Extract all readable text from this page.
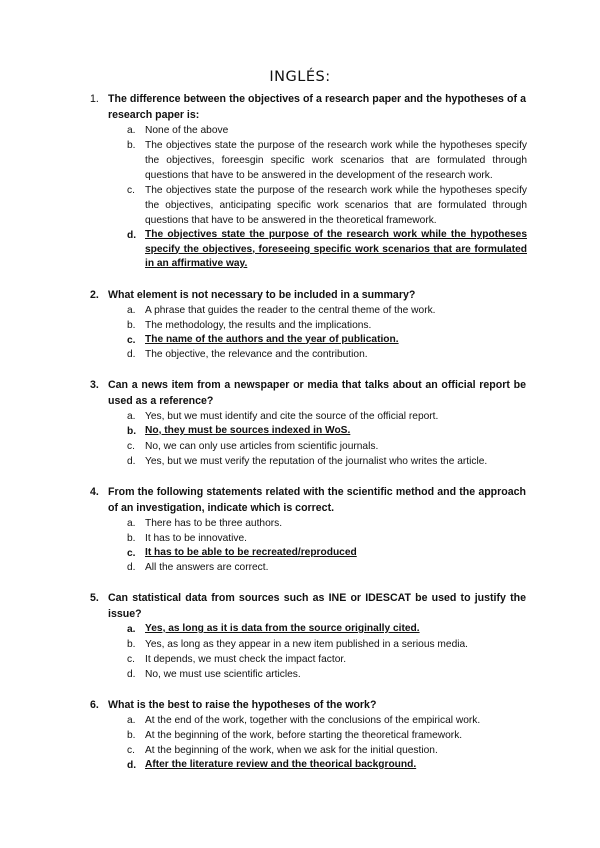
INGLÉS:
1. The difference between the objectives of a research paper and the hypotheses of a research paper is:
a. None of the above
b. The objectives state the purpose of the research work while the hypotheses specify the objectives, foreesgin specific work scenarios that are formulated through questions that have to be answered in the development of the research work.
c. The objectives state the purpose of the research work while the hypotheses specify the objectives, anticipating specific work scenarios that are formulated through questions that have to be answered in the theoretical framework.
d. The objectives state the purpose of the research work while the hypotheses specify the objectives, foreseeing specific work scenarios that are formulated in an affirmative way.
2. What element is not necessary to be included in a summary?
a. A phrase that guides the reader to the central theme of the work.
b. The methodology, the results and the implications.
c. The name of the authors and the year of publication.
d. The objective, the relevance and the contribution.
3. Can a news item from a newspaper or media that talks about an official report be used as a reference?
a. Yes, but we must identify and cite the source of the official report.
b. No, they must be sources indexed in WoS.
c. No, we can only use articles from scientific journals.
d. Yes, but we must verify the reputation of the journalist who writes the article.
4. From the following statements related with the scientific method and the approach of an investigation, indicate which is correct.
a. There has to be three authors.
b. It has to be innovative.
c. It has to be able to be recreated/reproduced
d. All the answers are correct.
5. Can statistical data from sources such as INE or IDESCAT be used to justify the issue?
a. Yes, as long as it is data from the source originally cited.
b. Yes, as long as they appear in a new item published in a serious media.
c. It depends, we must check the impact factor.
d. No, we must use scientific articles.
6. What is the best to raise the hypotheses of the work?
a. At the end of the work, together with the conclusions of the empirical work.
b. At the beginning of the work, before starting the theoretical framework.
c. At the beginning of the work, when we ask for the initial question.
d. After the literature review and the theorical background.
